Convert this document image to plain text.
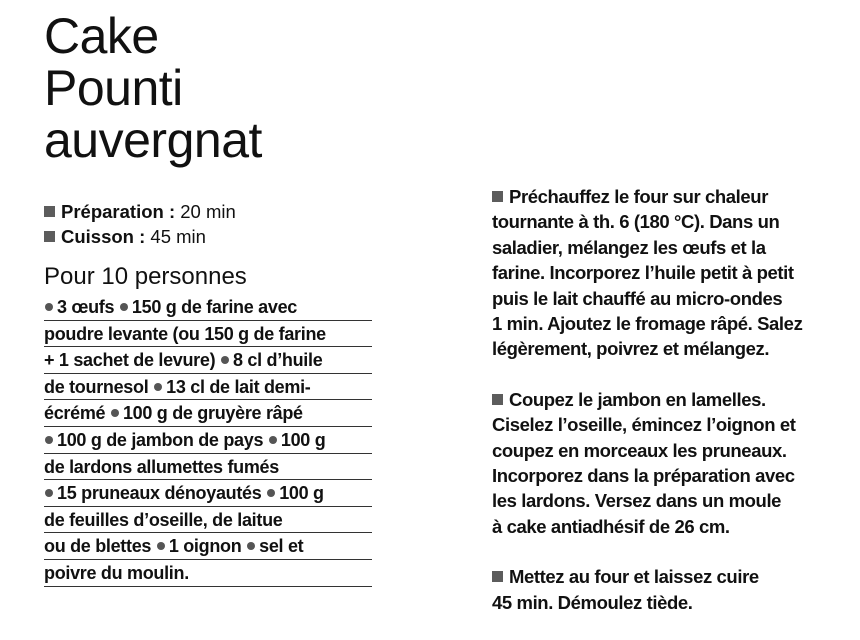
Cake
Pounti
auvergnat
Préparation : 20 min
Cuisson : 45 min
Pour 10 personnes
3 œufs 150 g de farine avec
poudre levante (ou 150 g de farine
+ 1 sachet de levure) 8 cl d’huile
de tournesol 13 cl de lait demi-
écrémé 100 g de gruyère râpé
100 g de jambon de pays 100 g
de lardons allumettes fumés
15 pruneaux dénoyautés 100 g
de feuilles d’oseille, de laitue
ou de blettes 1 oignon sel et
poivre du moulin.
Préchauffez le four sur chaleur
tournante à th. 6 (180 °C). Dans un
saladier, mélangez les œufs et la
farine. Incorporez l’huile petit à petit
puis le lait chauffé au micro-ondes
1 min. Ajoutez le fromage râpé. Salez
légèrement, poivrez et mélangez.
Coupez le jambon en lamelles.
Ciselez l’oseille, émincez l’oignon et
coupez en morceaux les pruneaux.
Incorporez dans la préparation avec
les lardons. Versez dans un moule
à cake antiadhésif de 26 cm.
Mettez au four et laissez cuire
45 min. Démoulez tiède.
